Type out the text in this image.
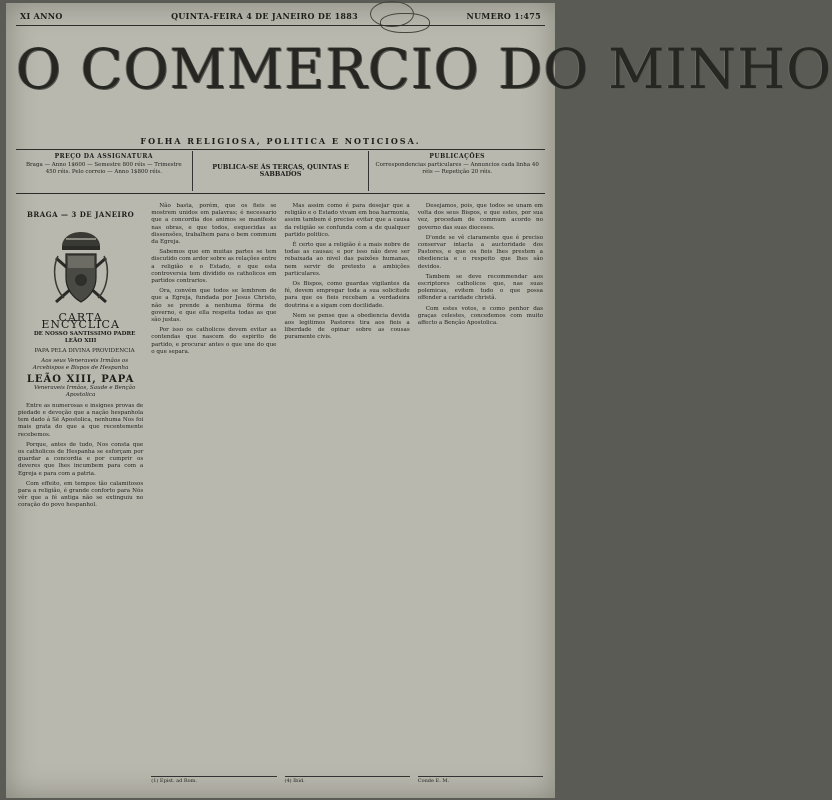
XI ANNO	QUINTA-FEIRA 4 DE JANEIRO DE 1883	NUMERO 1:475
O COMMERCIO DO MINHO
FOLHA RELIGIOSA, POLITICA E NOTICIOSA.
PREÇO DA ASSIGNATURA
Braga — Anno 1$600 — Semestre 800 réis — Trimestre 450 réis. Pelo correio — Anno 1$800 réis.
PUBLICA-SE ÁS TERÇAS, QUINTAS E SABBADOS
PUBLICAÇÕES
Correspondencias particulares — Annuncios cada linha 40 réis — Repetição 20 réis.
BRAGA — 3 DE JANEIRO
CARTA ENCYCLICA

DE NOSSO SANTISSIMO PADRE LEÃO XIII

PAPA PELA DIVINA PROVIDENCIA

Aos seus Veneraveis Irmãos os Arcebispos e Bispos de Hespanha

LEÃO XIII, PAPA

Veneraveis Irmãos, Saude e Benção Apostolica

Entre as numerosas e insignes provas de piedade e devoção que a nação hespanhola tem dado á Sé Apostolica, nenhuma Nos foi mais grata do que a que recentemente recebemos.

Porque, antes de tudo, Nos consta que os catholicos de Hespanha se esforçam por guardar a concordia e por cumprir os deveres que lhes incumbem para com a Egreja e para com a patria.

Com effeito, em tempos tão calamitosos para a religião, é grande conforto para Nós vêr que a fé antiga não se extinguiu no coração do povo hespanhol.

Não basta, porém, que os fieis se mostrem unidos em palavras; é necessario que a concordia dos animos se manifeste nas obras, e que todos, esquecidas as dissensões, trabalhem para o bem commum da Egreja.

Sabemos que em muitas partes se tem discutido com ardor sobre as relações entre a religião e o Estado, e que esta controversia tem dividido os catholicos em partidos contrarios.

Ora, convém que todos se lembrem de que a Egreja, fundada por Jesus Christo, não se prende a nenhuma fórma de governo, e que ella respeita todas as que são justas.

Por isso os catholicos devem evitar as contendas que nascem do espirito de partido, e procurar antes o que une do que o que separa.

(1) Epist. ad Rom.

Mas assim como é para desejar que a religião e o Estado vivam em boa harmonia, assim tambem é preciso evitar que a causa da religião se confunda com a de qualquer partido politico.

É certo que a religião é a mais nobre de todas as causas; e por isso não deve ser rebaixada ao nivel das paixões humanas, nem servir de pretexto a ambições particulares.

Os Bispos, como guardas vigilantes da fé, devem empregar toda a sua solicitude para que os fieis recebam a verdadeira doutrina e a sigam com docilidade.

Nem se pense que a obediencia devida aos legitimos Pastores tira aos fieis a liberdade de opinar sobre as cousas puramente civis.

(4) Ibid.

Desejamos, pois, que todos se unam em volta dos seus Bispos, e que estes, por sua vez, procedam de commum acordo no governo das suas dioceses.

D'onde se vê claramente que é preciso conservar intacta a auctoridade dos Pastores, e que os fieis lhes prestem a obediencia e o respeito que lhes são devidos.

Tambem se deve recommendar aos escriptores catholicos que, nas suas polemicas, evitem tudo o que possa offender a caridade christã.

Com estes votos, e como penhor das graças celestes, concedemos com muito affecto a Benção Apostolica.

Conde E. M.
